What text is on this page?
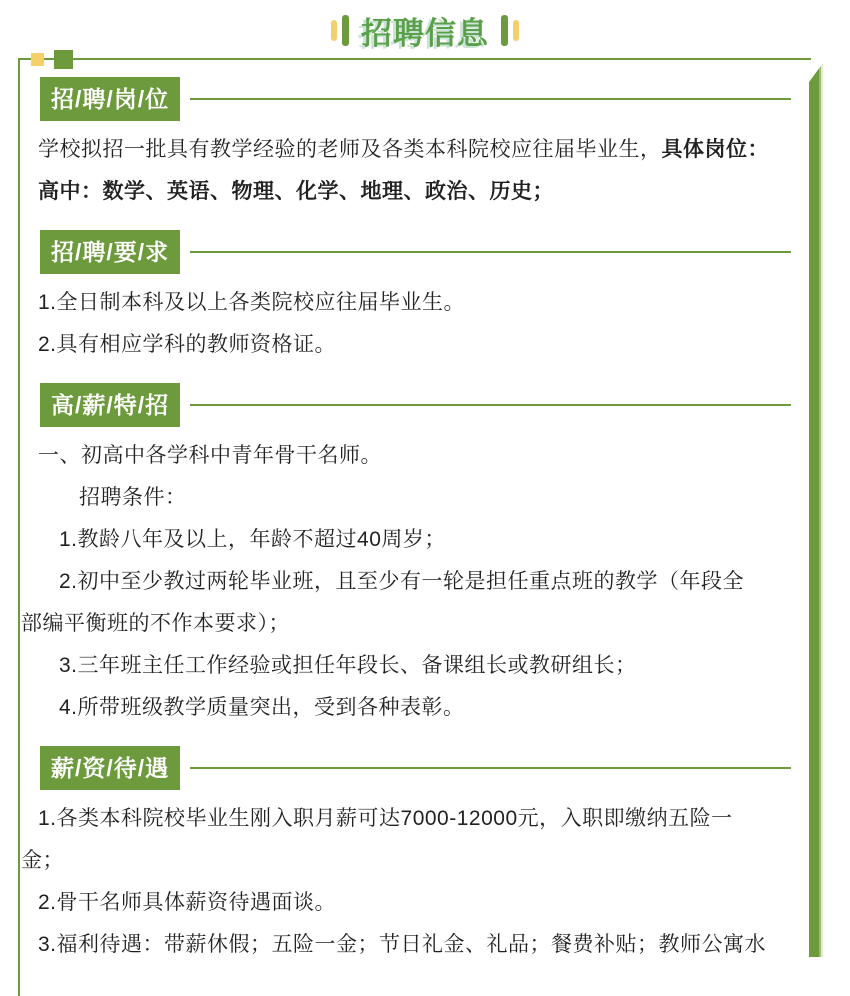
招聘信息
招/聘/岗/位

学校拟招一批具有教学经验的老师及各类本科院校应往届毕业生，具体岗位：

高中：数学、英语、物理、化学、地理、政治、历史；

招/聘/要/求

1.全日制本科及以上各类院校应往届毕业生。

2.具有相应学科的教师资格证。

高/薪/特/招

一、初高中各学科中青年骨干名师。

招聘条件：

1.教龄八年及以上，年龄不超过40周岁；

2.初中至少教过两轮毕业班，且至少有一轮是担任重点班的教学（年段全
部编平衡班的不作本要求）；

3.三年班主任工作经验或担任年段长、备课组长或教研组长；

4.所带班级教学质量突出，受到各种表彰。

薪/资/待/遇

1.各类本科院校毕业生刚入职月薪可达7000-12000元，入职即缴纳五险一
金；

2.骨干名师具体薪资待遇面谈。

3.福利待遇：带薪休假；五险一金；节日礼金、礼品；餐费补贴；教师公寓水
